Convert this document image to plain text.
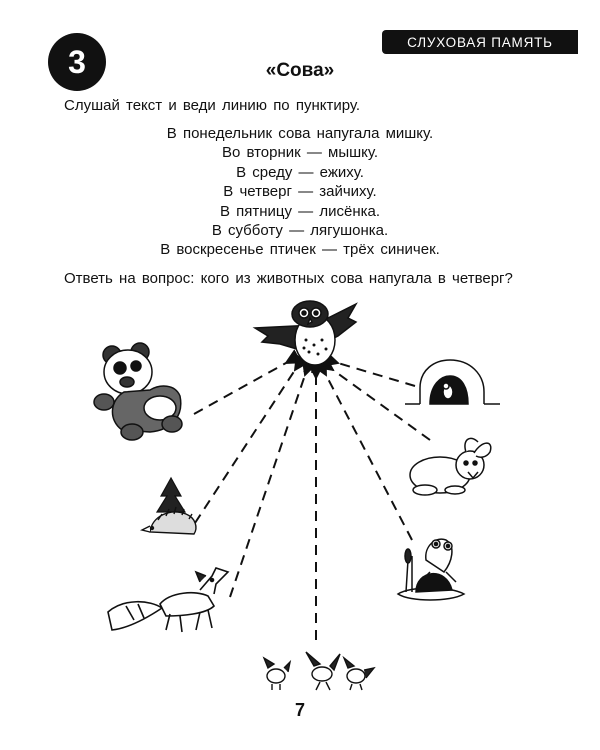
3
СЛУХОВАЯ ПАМЯТЬ
«Сова»
Слушай текст и веди линию по пунктиру.
В понедельник сова напугала мишку.
Во вторник — мышку.
В среду — ежиху.
В четверг — зайчиху.
В пятницу — лисёнка.
В субботу — лягушонка.
В воскресенье птичек — трёх синичек.
Ответь на вопрос: кого из животных сова напугала в четверг?
7
